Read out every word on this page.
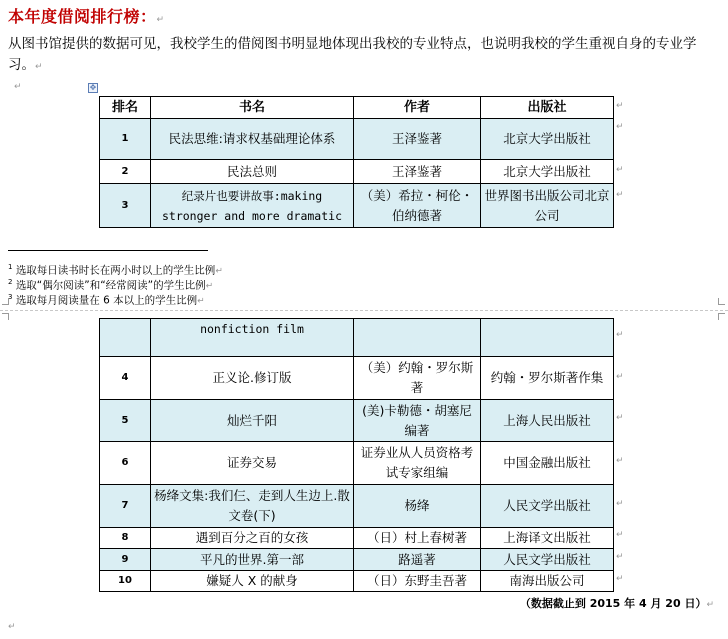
本年度借阅排行榜：↵
从图书馆提供的数据可见，我校学生的借阅图书明显地体现出我校的专业特点，也说明我校的学生重视自身的专业学习。↵
↵	✥
排名	书名	作者	出版社
1	民法思维:请求权基础理论体系	王泽鉴著	北京大学出版社
2	民法总则	王泽鉴著	北京大学出版社
3	纪录片也要讲故事:making stronger and more dramatic	（美）希拉・柯伦・伯纳德著	世界图书出版公司北京公司
↵
↵
↵
↵
$^1$ 选取每日读书时长在两小时以上的学生比例↵
$^2$ 选取“偶尔阅读”和“经常阅读”的学生比例↵
$^3$ 选取每月阅读量在 6 本以上的学生比例↵
	nonfiction film		
4	正义论.修订版	（美）约翰・罗尔斯著	约翰・罗尔斯著作集
5	灿烂千阳	(美)卡勒德・胡塞尼编著	上海人民出版社
6	证券交易	证券业从人员资格考试专家组编	中国金融出版社
7	杨绛文集:我们仨、走到人生边上.散文卷(下)	杨绛	人民文学出版社
8	遇到百分之百的女孩	（日）村上春树著	上海译文出版社
9	平凡的世界.第一部	路遥著	人民文学出版社
10	嫌疑人 X 的献身	（日）东野圭吾著	南海出版公司
↵
↵
↵
↵
↵
↵
↵
↵
（数据截止到 2015 年 4 月 20 日）↵
↵
